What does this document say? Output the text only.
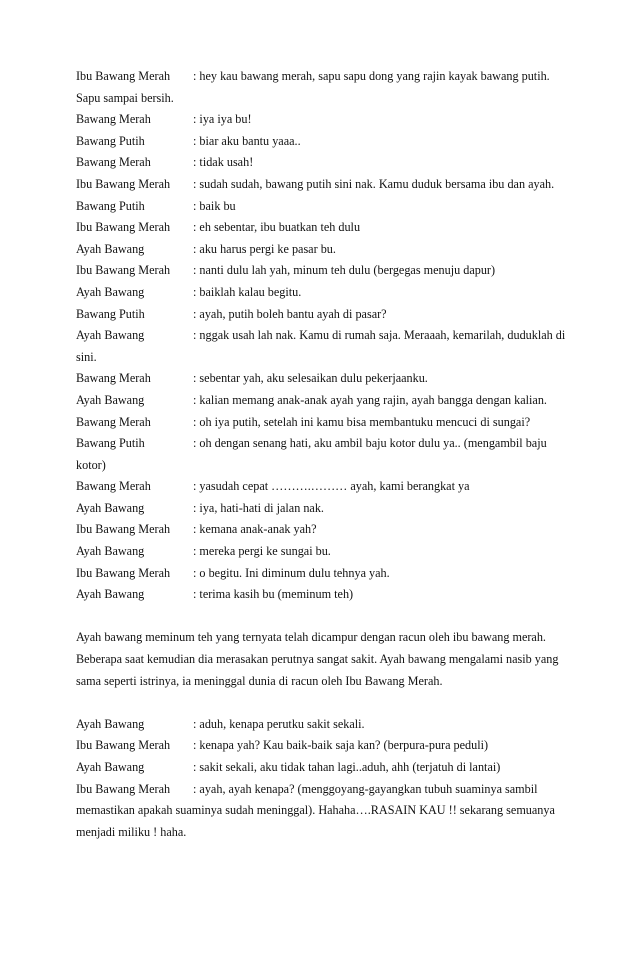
Ibu Bawang Merah	: hey kau bawang merah, sapu sapu dong yang rajin kayak bawang putih. Sapu sampai bersih.
Bawang Merah	: iya iya bu!
Bawang Putih	: biar aku bantu yaaa..
Bawang Merah	: tidak usah!
Ibu Bawang Merah	: sudah sudah, bawang putih sini nak. Kamu duduk bersama ibu dan ayah.
Bawang Putih	: baik bu
Ibu Bawang Merah	: eh sebentar, ibu buatkan teh dulu
Ayah Bawang	: aku harus pergi ke pasar bu.
Ibu Bawang Merah	: nanti dulu lah yah, minum teh dulu (bergegas menuju dapur)
Ayah Bawang	: baiklah kalau begitu.
Bawang Putih	: ayah, putih boleh bantu ayah di pasar?
Ayah Bawang	: nggak usah lah nak. Kamu di rumah saja. Meraaah, kemarilah, duduklah di sini.
Bawang Merah	: sebentar yah, aku selesaikan dulu pekerjaanku.
Ayah Bawang	: kalian memang anak-anak ayah yang rajin, ayah bangga dengan kalian.
Bawang Merah	: oh iya putih, setelah ini kamu bisa membantuku mencuci di sungai?
Bawang Putih	: oh dengan senang hati, aku ambil baju kotor dulu ya.. (mengambil baju kotor)
Bawang Merah	: yasudah cepat ……….……… ayah, kami berangkat ya
Ayah Bawang	: iya, hati-hati di jalan nak.
Ibu Bawang Merah	: kemana anak-anak yah?
Ayah Bawang	: mereka pergi ke sungai bu.
Ibu Bawang Merah	: o begitu. Ini diminum dulu tehnya yah.
Ayah Bawang	: terima kasih bu (meminum teh)
Ayah bawang meminum teh yang ternyata telah dicampur dengan racun oleh ibu bawang merah. Beberapa saat kemudian dia merasakan perutnya sangat sakit. Ayah bawang mengalami nasib yang sama seperti istrinya, ia meninggal dunia di racun oleh Ibu Bawang Merah.
Ayah Bawang	: aduh, kenapa perutku sakit sekali.
Ibu Bawang Merah	: kenapa yah? Kau baik-baik saja kan? (berpura-pura peduli)
Ayah Bawang	: sakit sekali, aku tidak tahan lagi..aduh, ahh (terjatuh di lantai)
Ibu Bawang Merah	: ayah, ayah kenapa? (menggoyang-gayangkan tubuh suaminya sambil memastikan apakah suaminya sudah meninggal). Hahaha….RASAIN KAU !! sekarang semuanya menjadi miliku ! haha.
